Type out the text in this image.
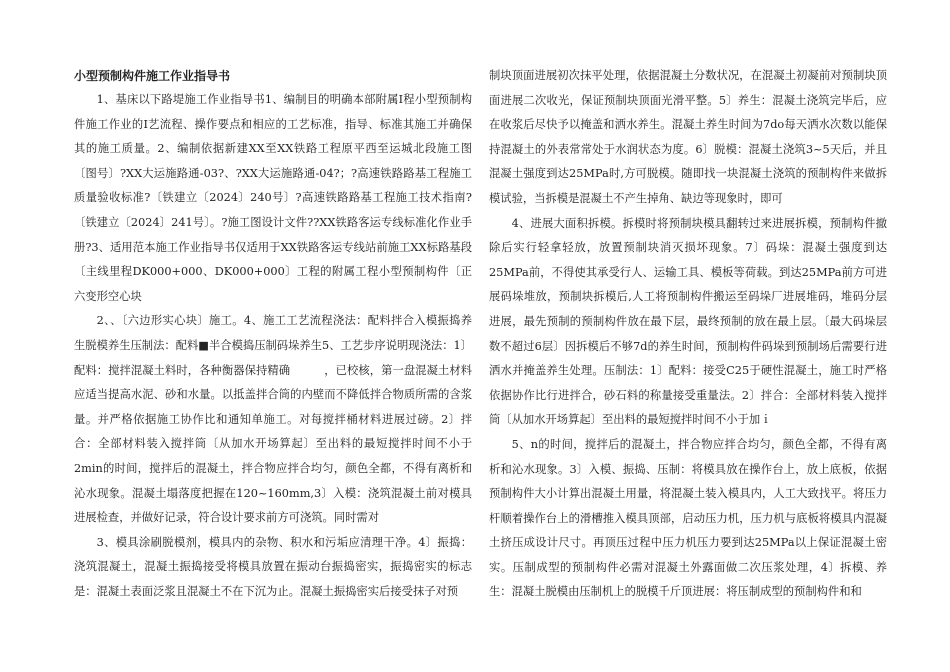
小型预制构件施工作业指导书

1、基床以下路堤施工作业指导书1、编制目的明确本部附属Ⅰ程小型预制构件施工作业的Ⅰ艺流程、操作要点和相应的工艺标准，指导、标准其施工并确保其的施工质量。2、编制依据新建XX至XX铁路工程原平西至运城北段施工图〔图号〕?XX大运施路通-03?、?XX大运施路通-04?；?高速铁路路基工程施工质量验收标准?〔铁建立〔2024〕240号〕?高速铁路路基工程施工技术指南?〔铁建立〔2024〕241号〕。?施工图设计文件??XX铁路客运专线标准化作业手册?3、适用范本施工作业指导书仅适用于XX铁路客运专线站前施工XX标路基段〔主线里程DK000+000、DK000+000〕工程的附属工程小型预制构件〔正六变形空心块

2、、〔六边形实心块〕施工。4、施工工艺流程浇法：配料拌合入模振捣养生脱模养生压制法：配料■半合模捣压制码垛养生5、工艺步序说明现浇法：1〕配料：搅拌混凝土料时，各种衡器保持精确　　　，已校核，第一盘混凝土材料应适当提高水泥、砂和水量。以抵盖拌合筒的内壁而不降低拌合物质所需的含浆量。并严格依据施工协作比和通知单施工。对每搅拌桶材料进展过磅。2〕拌合：全部材料装入搅拌筒〔从加水开场算起〕至出料的最短搅拌时间不小于2min的时间，搅拌后的混凝土，拌合物应拌合均匀，颜色全都，不得有离析和沁水现象。混凝土塌落度把握在120~160mm,3〕入模：浇筑混凝土前对模具进展检查，并做好记录，符合设计要求前方可浇筑。同时需对

3、模具涂刷脱模剂，模具内的杂物、积水和污垢应清理干净。4〕振捣：浇筑混凝土，混凝土振捣接受将模具放置在振动台振捣密实，振捣密实的标志是：混凝土表面泛浆且混凝土不在下沉为止。混凝土振捣密实后接受抹子对预

制块顶面进展初次抹平处理，依据混凝土分数状况，在混凝土初凝前对预制块顶面进展二次收光，保证预制块顶面光滑平整。5〕养生：混凝土浇筑完毕后，应在收浆后尽快予以掩盖和洒水养生。混凝土养生时间为7do每天洒水次数以能保持混凝土的外表常常处于水润状态为度。6〕脱模：混凝土浇筑3~5天后，并且混凝土强度到达25MPa时,方可脱模。随即找一块混凝土浇筑的预制构件来做拆模试验，当拆模是混凝土不产生掉角、缺边等现象时，即可

4、进展大面积拆模。拆模时将预制块模具翻转过来进展拆模，预制构件撤除后实行轻拿轻放，放置预制块消灭损坏现象。7〕码垛：混凝土强度到达25MPa前，不得使其承受行人、运输工具、模板等荷载。到达25MPa前方可进展码垛堆放，预制块拆模后,人工将预制构件搬运至码垛厂进展堆码，堆码分层进展，最先预制的预制构件放在最下层，最终预制的放在最上层。〔最大码垛层数不超过6层〕因拆模后不够7d的养生时间，预制构件码垛到预制场后需要行进洒水并掩盖养生处理。压制法：1〕配料：接受C25于硬性混凝土，施工时严格依据协作比行进拌合，砂石料的称量接受重量法。2〕拌合：全部材料装入搅拌筒〔从加水开场算起〕至出料的最短搅拌时间不小于加ｉ

5、n的时间，搅拌后的混凝土，拌合物应拌合均匀，颜色全都，不得有离析和沁水现象。3〕入模、振捣、压制：将模具放在操作台上，放上底板，依据预制构件大小计算出混凝土用量，将混凝土装入模具内，人工大致找平。将压力杆顺着操作台上的滑槽推入模具顶部，启动压力机，压力机与底板将模具内混凝土挤压成设计尺寸。再顶压过程中压力机压力要到达25MPa以上保证混凝土密实。压制成型的预制构件必需对混凝土外露面做二次压浆处理，4〕拆模、养生：混凝土脱模由压制机上的脱模千斤顶进展：将压制成型的预制构件和和
